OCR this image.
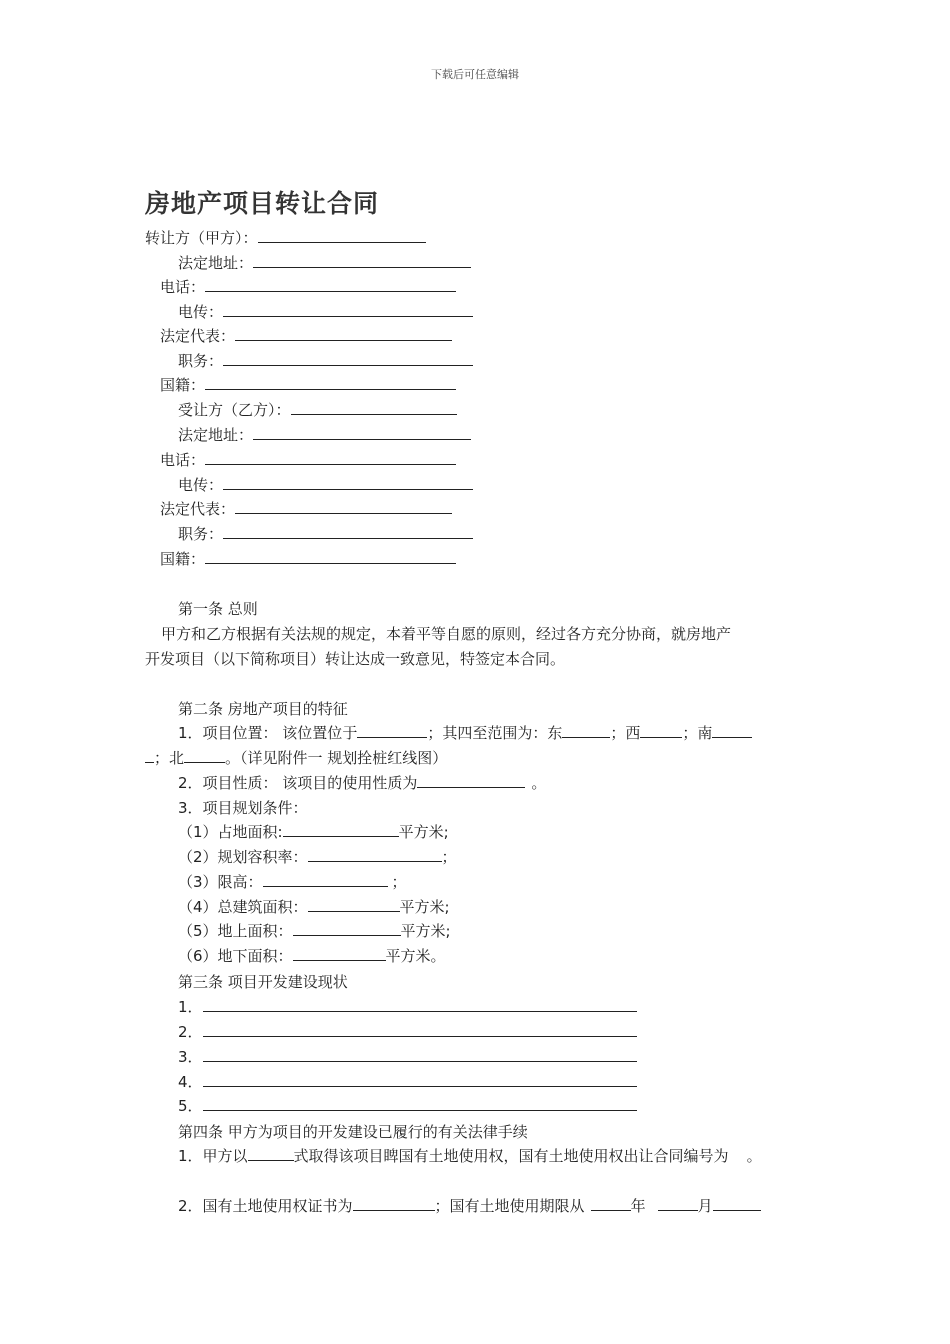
下载后可任意编辑
房地产项目转让合同
转让方（甲方）：
法定地址：
电话：
电传：
法定代表：
职务：
国籍：
受让方（乙方）：
法定地址：
电话：
电传：
法定代表：
职务：
国籍：
第一条 总则
甲方和乙方根据有关法规的规定，本着平等自愿的原则，经过各方充分协商，就房地产
开发项目（以下简称项目）转让达成一致意见，特签定本合同。
第二条 房地产项目的特征
1．项目位置： 该位置位于	；其四至范围为：东	；西	；南
；北	。（详见附件一 规划拴桩红线图）
2．项目性质： 该项目的使用性质为	。
3．项目规划条件：
（1）占地面积:	平方米;
（2）规划容积率：	；
（3）限高：	；
（4）总建筑面积：	平方米;
（5）地上面积：	平方米;
（6）地下面积：	平方米。
第三条 项目开发建设现状
1．
2．
3．
4．
5．
第四条 甲方为项目的开发建设已履行的有关法律手续
1．甲方以	式取得该项目睥国有土地使用权，国有土地使用权出让合同编号为 。
2．国有土地使用权证书为	；国有土地使用期限从	年	月
